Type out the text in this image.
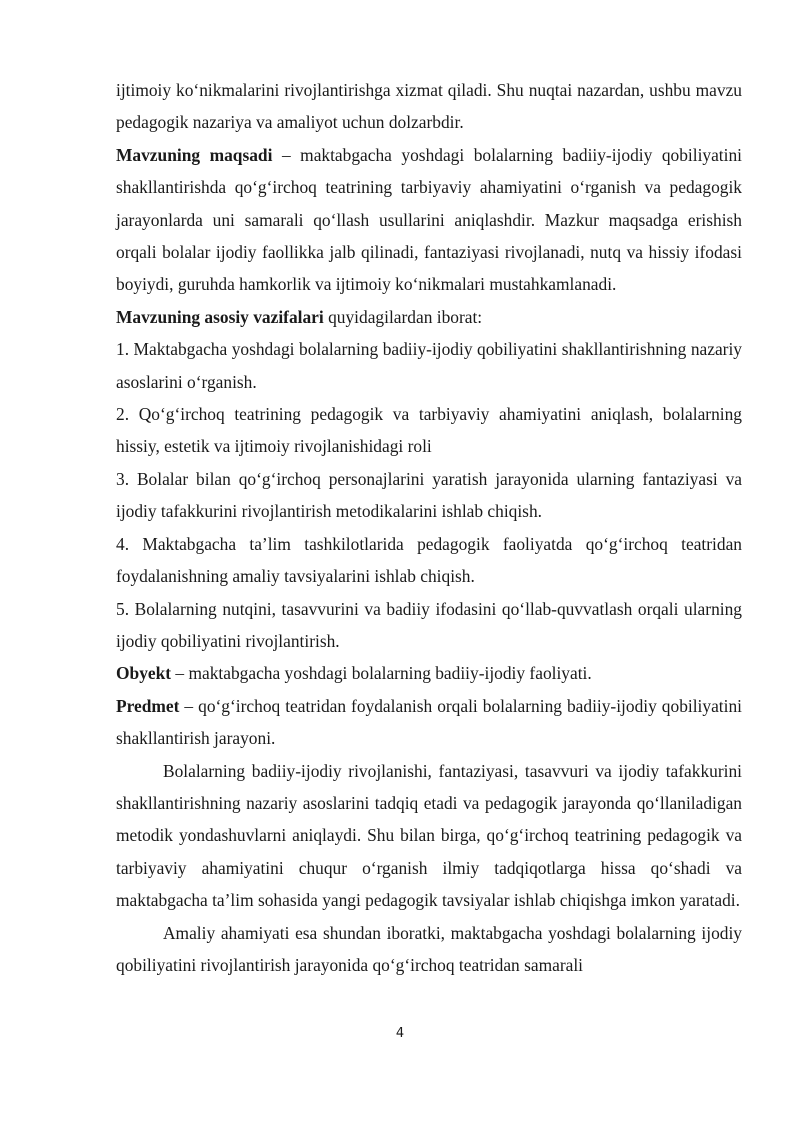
ijtimoiy ko‘nikmalarini rivojlantirishga xizmat qiladi. Shu nuqtai nazardan, ushbu mavzu pedagogik nazariya va amaliyot uchun dolzarbdir.

Mavzuning maqsadi – maktabgacha yoshdagi bolalarning badiiy-ijodiy qobiliyatini shakllantirishda qo‘g‘irchoq teatrining tarbiyaviy ahamiyatini o‘rganish va pedagogik jarayonlarda uni samarali qo‘llash usullarini aniqlashdir. Mazkur maqsadga erishish orqali bolalar ijodiy faollikka jalb qilinadi, fantaziyasi rivojlanadi, nutq va hissiy ifodasi boyiydi, guruhda hamkorlik va ijtimoiy ko‘nikmalari mustahkamlanadi.

Mavzuning asosiy vazifalari quyidagilardan iborat:

1. Maktabgacha yoshdagi bolalarning badiiy-ijodiy qobiliyatini shakllantirishning nazariy asoslarini o‘rganish.

2. Qo‘g‘irchoq teatrining pedagogik va tarbiyaviy ahamiyatini aniqlash, bolalarning hissiy, estetik va ijtimoiy rivojlanishidagi roli

3. Bolalar bilan qo‘g‘irchoq personajlarini yaratish jarayonida ularning fantaziyasi va ijodiy tafakkurini rivojlantirish metodikalarini ishlab chiqish.

4. Maktabgacha ta’lim tashkilotlarida pedagogik faoliyatda qo‘g‘irchoq teatridan foydalanishning amaliy tavsiyalarini ishlab chiqish.

5. Bolalarning nutqini, tasavvurini va badiiy ifodasini qo‘llab-quvvatlash orqali ularning ijodiy qobiliyatini rivojlantirish.

Obyekt – maktabgacha yoshdagi bolalarning badiiy-ijodiy faoliyati.

Predmet – qo‘g‘irchoq teatridan foydalanish orqali bolalarning badiiy-ijodiy qobiliyatini shakllantirish jarayoni.

Bolalarning badiiy-ijodiy rivojlanishi, fantaziyasi, tasavvuri va ijodiy tafakkurini shakllantirishning nazariy asoslarini tadqiq etadi va pedagogik jarayonda qo‘llaniladigan metodik yondashuvlarni aniqlaydi. Shu bilan birga, qo‘g‘irchoq teatrining pedagogik va tarbiyaviy ahamiyatini chuqur o‘rganish ilmiy tadqiqotlarga hissa qo‘shadi va maktabgacha ta’lim sohasida yangi pedagogik tavsiyalar ishlab chiqishga imkon yaratadi.

Amaliy ahamiyati esa shundan iboratki, maktabgacha yoshdagi bolalarning ijodiy qobiliyatini rivojlantirish jarayonida qo‘g‘irchoq teatridan samarali

4
